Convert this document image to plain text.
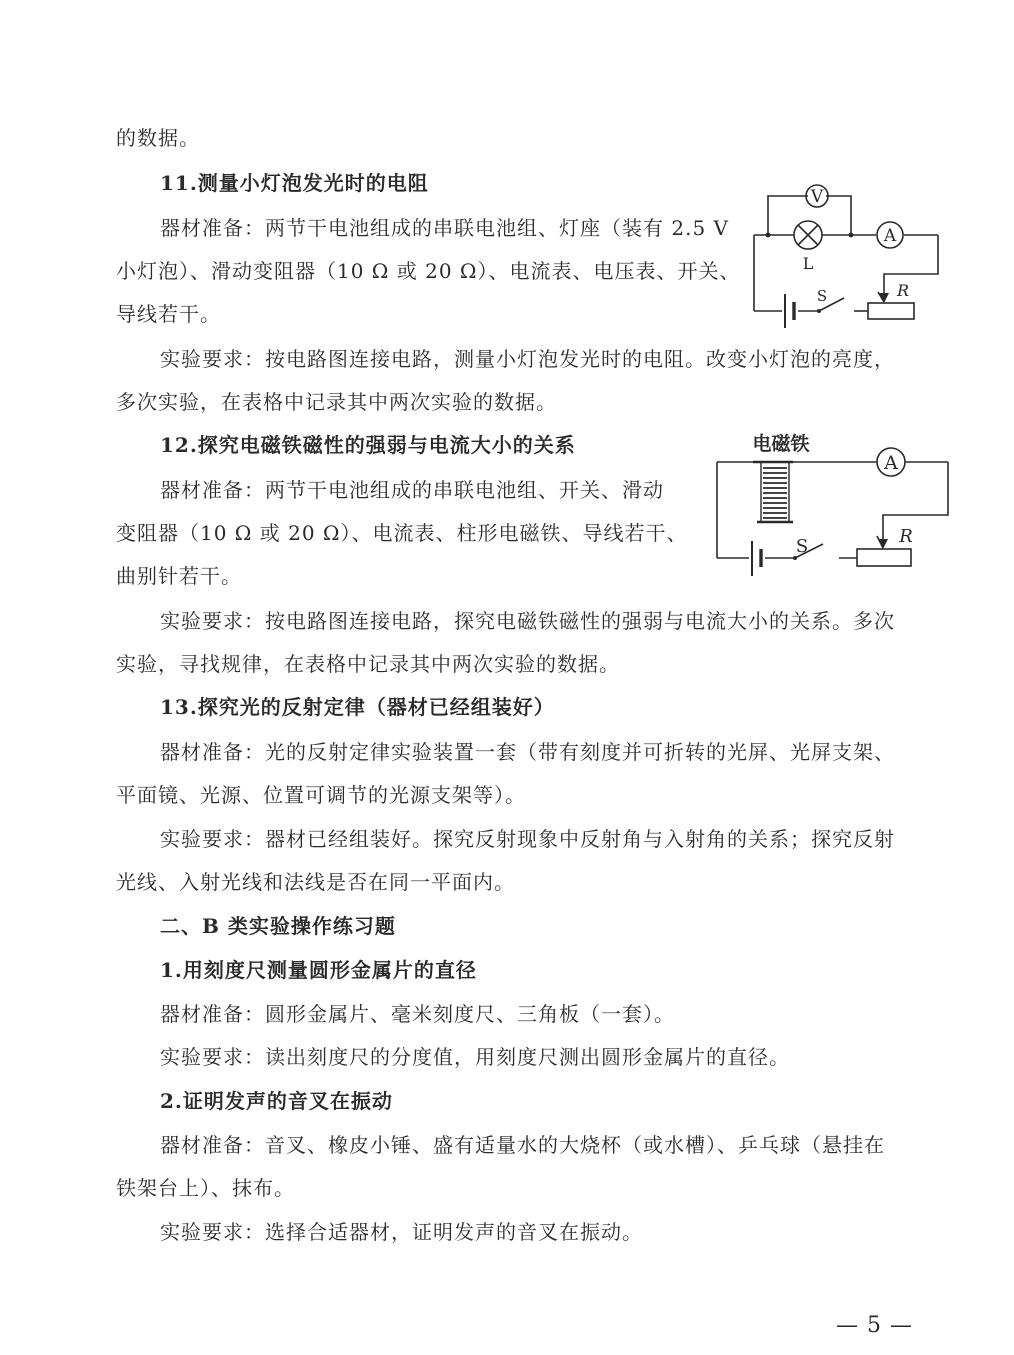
的数据。
11.测量小灯泡发光时的电阻
器材准备：两节干电池组成的串联电池组、灯座（装有 2.5 V
小灯泡）、滑动变阻器（10 Ω 或 20 Ω）、电流表、电压表、开关、
导线若干。
实验要求：按电路图连接电路，测量小灯泡发光时的电阻。改变小灯泡的亮度，
多次实验，在表格中记录其中两次实验的数据。
V
A
L
S	R
12.探究电磁铁磁性的强弱与电流大小的关系
器材准备：两节干电池组成的串联电池组、开关、滑动
变阻器（10 Ω 或 20 Ω）、电流表、柱形电磁铁、导线若干、
曲别针若干。
实验要求：按电路图连接电路，探究电磁铁磁性的强弱与电流大小的关系。多次
实验，寻找规律，在表格中记录其中两次实验的数据。
电磁铁
A
S	R
13.探究光的反射定律（器材已经组装好）
器材准备：光的反射定律实验装置一套（带有刻度并可折转的光屏、光屏支架、
平面镜、光源、位置可调节的光源支架等）。
实验要求：器材已经组装好。探究反射现象中反射角与入射角的关系；探究反射
光线、入射光线和法线是否在同一平面内。
二、B 类实验操作练习题
1.用刻度尺测量圆形金属片的直径
器材准备：圆形金属片、毫米刻度尺、三角板（一套）。
实验要求：读出刻度尺的分度值，用刻度尺测出圆形金属片的直径。
2.证明发声的音叉在振动
器材准备：音叉、橡皮小锤、盛有适量水的大烧杯（或水槽）、乒乓球（悬挂在
铁架台上）、抹布。
实验要求：选择合适器材，证明发声的音叉在振动。
— 5 —
